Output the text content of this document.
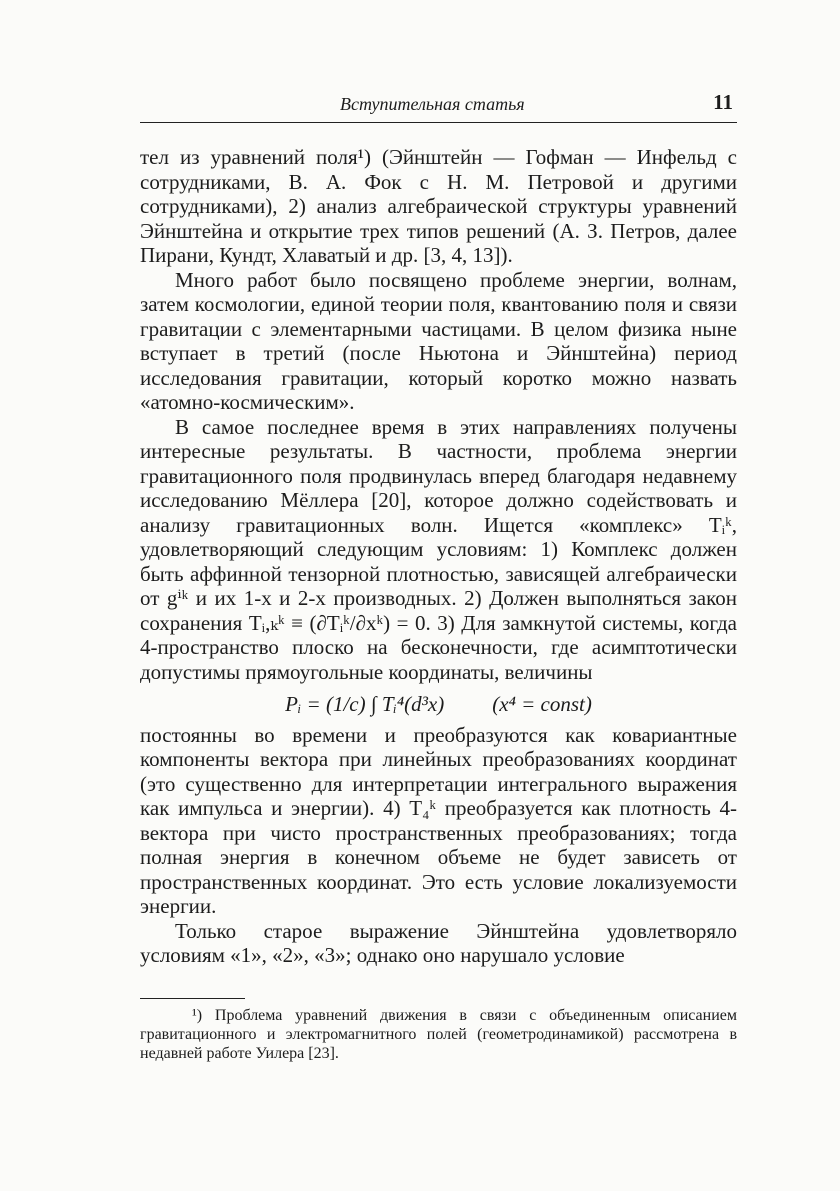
Вступительная статья	11

тел из уравнений поля¹) (Эйнштейн — Гофман — Инфельд с сотрудниками, В. А. Фок с Н. М. Петровой и другими сотрудниками), 2) анализ алгебраической структуры уравнений Эйнштейна и открытие трех типов решений (А. З. Петров, далее Пирани, Кундт, Хлаватый и др. [3, 4, 13]).

Много работ было посвящено проблеме энергии, волнам, затем космологии, единой теории поля, квантованию поля и связи гравитации с элементарными частицами. В целом физика ныне вступает в третий (после Ньютона и Эйнштейна) период исследования гравитации, который коротко можно назвать «атомно-космическим».

В самое последнее время в этих направлениях получены интересные результаты. В частности, проблема энергии гравитационного поля продвинулась вперед благодаря недавнему исследованию Мёллера [20], которое должно содействовать и анализу гравитационных волн. Ищется «комплекс» Tᵢᵏ, удовлетворяющий следующим условиям: 1) Комплекс должен быть аффинной тензорной плотностью, зависящей алгебраически от gⁱᵏ и их 1-х и 2-х производных. 2) Должен выполняться закон сохранения Tᵢ,ₖᵏ ≡ (∂Tᵢᵏ/∂xᵏ) = 0. 3) Для замкнутой системы, когда 4-пространство плоско на бесконечности, где асимптотически допустимы прямоугольные координаты, величины

Pᵢ = (1/c) ∫ Tᵢ⁴(d³x) (x⁴ = const)

постоянны во времени и преобразуются как ковариантные компоненты вектора при линейных преобразованиях координат (это существенно для интерпретации интегрального выражения как импульса и энергии). 4) T₄ᵏ преобразуется как плотность 4-вектора при чисто пространственных преобразованиях; тогда полная энергия в конечном объеме не будет зависеть от пространственных координат. Это есть условие локализуемости энергии.

Только старое выражение Эйнштейна удовлетворяло условиям «1», «2», «3»; однако оно нарушало условие

¹) Проблема уравнений движения в связи с объединенным описанием гравитационного и электромагнитного полей (геометродинамикой) рассмотрена в недавней работе Уилера [23].
